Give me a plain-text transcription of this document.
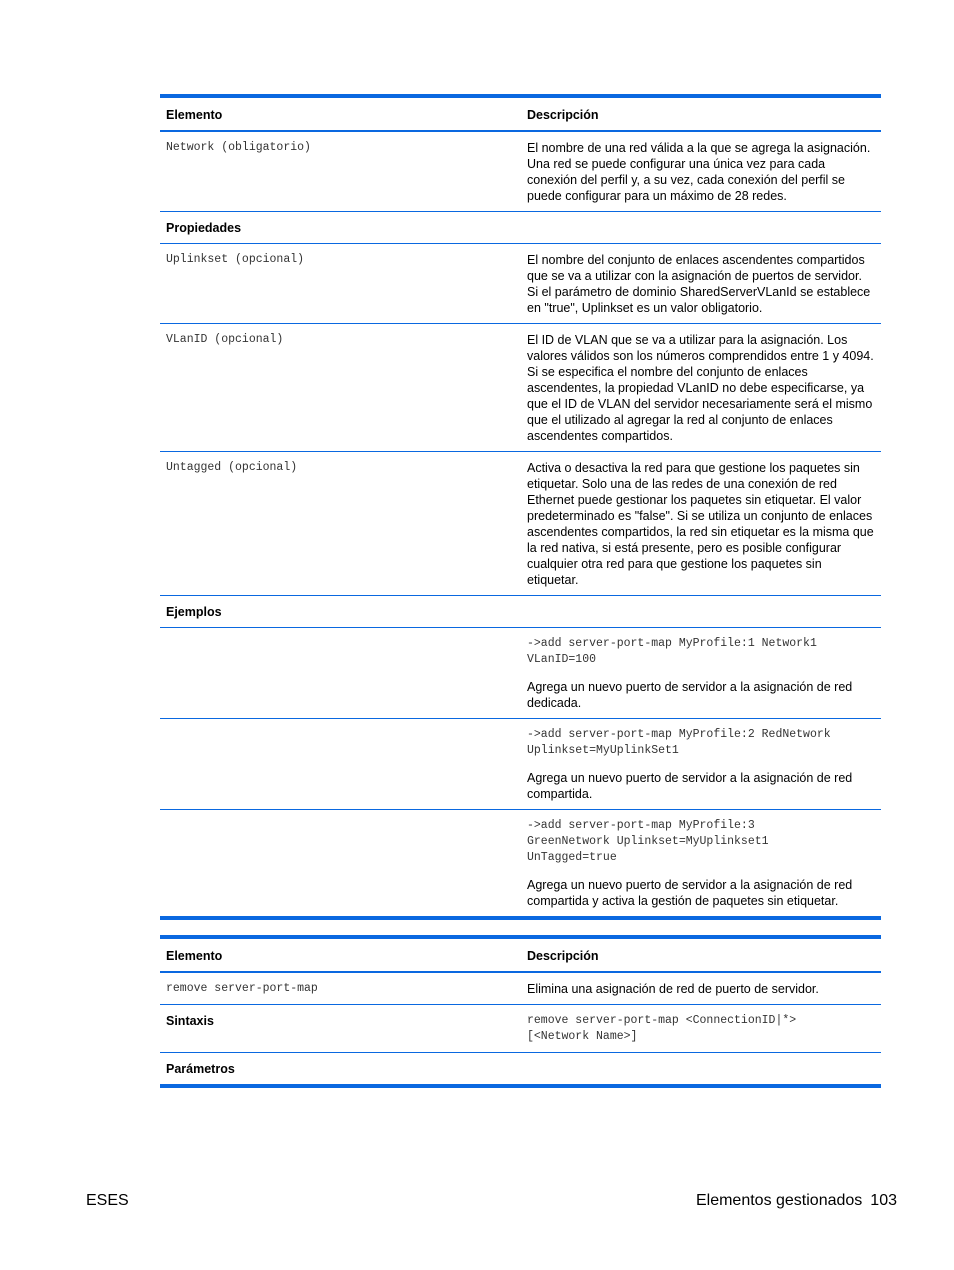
Elemento	Descripción
Network (obligatorio)	El nombre de una red válida a la que se agrega la asignación. Una red se puede configurar una única vez para cada conexión del perfil y, a su vez, cada conexión del perfil se puede configurar para un máximo de 28 redes.
Propiedades
Uplinkset (opcional)	El nombre del conjunto de enlaces ascendentes compartidos que se va a utilizar con la asignación de puertos de servidor. Si el parámetro de dominio SharedServerVLanId se establece en "true", Uplinkset es un valor obligatorio.
VLanID (opcional)	El ID de VLAN que se va a utilizar para la asignación. Los valores válidos son los números comprendidos entre 1 y 4094. Si se especifica el nombre del conjunto de enlaces ascendentes, la propiedad VLanID no debe especificarse, ya que el ID de VLAN del servidor necesariamente será el mismo que el utilizado al agregar la red al conjunto de enlaces ascendentes compartidos.
Untagged (opcional)	Activa o desactiva la red para que gestione los paquetes sin etiquetar. Solo una de las redes de una conexión de red Ethernet puede gestionar los paquetes sin etiquetar. El valor predeterminado es "false". Si se utiliza un conjunto de enlaces ascendentes compartidos, la red sin etiquetar es la misma que la red nativa, si está presente, pero es posible configurar cualquier otra red para que gestione los paquetes sin etiquetar.
Ejemplos
->add server-port-map MyProfile:1 Network1
VLanID=100
Agrega un nuevo puerto de servidor a la asignación de red dedicada.
->add server-port-map MyProfile:2 RedNetwork
Uplinkset=MyUplinkSet1
Agrega un nuevo puerto de servidor a la asignación de red compartida.
->add server-port-map MyProfile:3
GreenNetwork Uplinkset=MyUplinkset1
UnTagged=true
Agrega un nuevo puerto de servidor a la asignación de red compartida y activa la gestión de paquetes sin etiquetar.
Elemento	Descripción
remove server-port-map	Elimina una asignación de red de puerto de servidor.
Sintaxis	remove server-port-map <ConnectionID|*>
[<Network Name>]
Parámetros
ESES	Elementos gestionados 103
